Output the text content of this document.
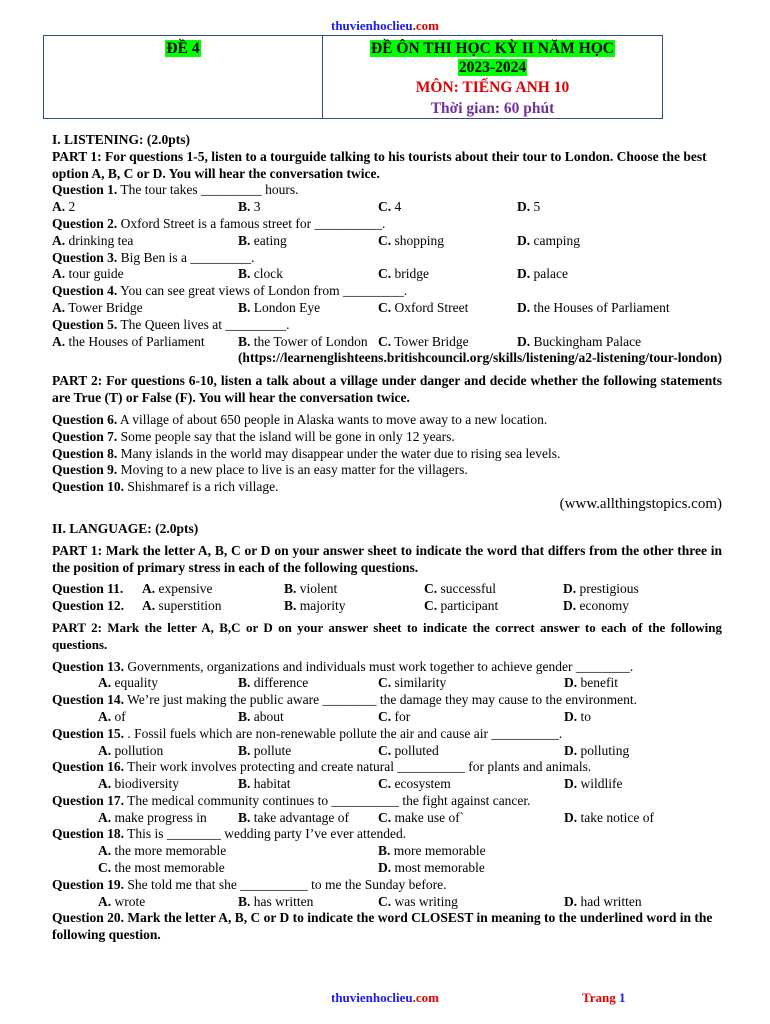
thuvienhoclieu.com
ĐỀ 4	ĐỀ ÔN THI HỌC KỲ II NĂM HỌC
2023-2024
MÔN: TIẾNG ANH 10
Thời gian: 60 phút
I. LISTENING: (2.0pts)
PART 1: For questions 1-5, listen to a tourguide talking to his tourists about their tour to London. Choose the best option A, B, C or D. You will hear the conversation twice.
Question 1. The tour takes _________ hours.
A. 2	B. 3	C. 4	D. 5
Question 2. Oxford Street is a famous street for __________.
A. drinking tea	B. eating	C. shopping	D. camping
Question 3. Big Ben is a _________.
A. tour guide	B. clock	C. bridge	D. palace
Question 4. You can see great views of London from _________.
A. Tower Bridge	B. London Eye	C. Oxford Street	D. the Houses of Parliament
Question 5. The Queen lives at _________.
A. the Houses of Parliament	B. the Tower of London C. Tower Bridge	D. Buckingham Palace
(https://learnenglishteens.britishcouncil.org/skills/listening/a2-listening/tour-london)
PART 2: For questions 6-10, listen a talk about a village under danger and decide whether the following statements are True (T) or False (F). You will hear the conversation twice.
Question 6. A village of about 650 people in Alaska wants to move away to a new location.
Question 7. Some people say that the island will be gone in only 12 years.
Question 8. Many islands in the world may disappear under the water due to rising sea levels.
Question 9. Moving to a new place to live is an easy matter for the villagers.
Question 10. Shishmaref is a rich village.
(www.allthingstopics.com)
II. LANGUAGE: (2.0pts)
PART 1: Mark the letter A, B, C or D on your answer sheet to indicate the word that differs from the other three in the position of primary stress in each of the following questions.
Question 11.	A. expensive	B. violent	C. successful	D. prestigious
Question 12.	A. superstition	B. majority	C. participant	D. economy
PART 2: Mark the letter A, B,C or D on your answer sheet to indicate the correct answer to each of the following questions.
Question 13. Governments, organizations and individuals must work together to achieve gender ________.
A. equality	B. difference	C. similarity	D. benefit
Question 14. We’re just making the public aware ________ the damage they may cause to the environment.
A. of	B. about	C. for	D. to
Question 15. . Fossil fuels which are non-renewable pollute the air and cause air __________.
A. pollution	B. pollute	C. polluted	D. polluting
Question 16. Their work involves protecting and create natural __________ for plants and animals.
A. biodiversity	B. habitat	C. ecosystem	D. wildlife
Question 17. The medical community continues to __________ the fight against cancer.
A. make progress in	B. take advantage of	C. make use of`	D. take notice of
Question 18. This is ________ wedding party I’ve ever attended.
A. the more memorable	B. more memorable
C. the most memorable	D. most memorable
Question 19. She told me that she __________ to me the Sunday before.
A. wrote	B. has written	C. was writing	D. had written
Question 20. Mark the letter A, B, C or D to indicate the word CLOSEST in meaning to the underlined word in the following question.
thuvienhoclieu.com	Trang 1
